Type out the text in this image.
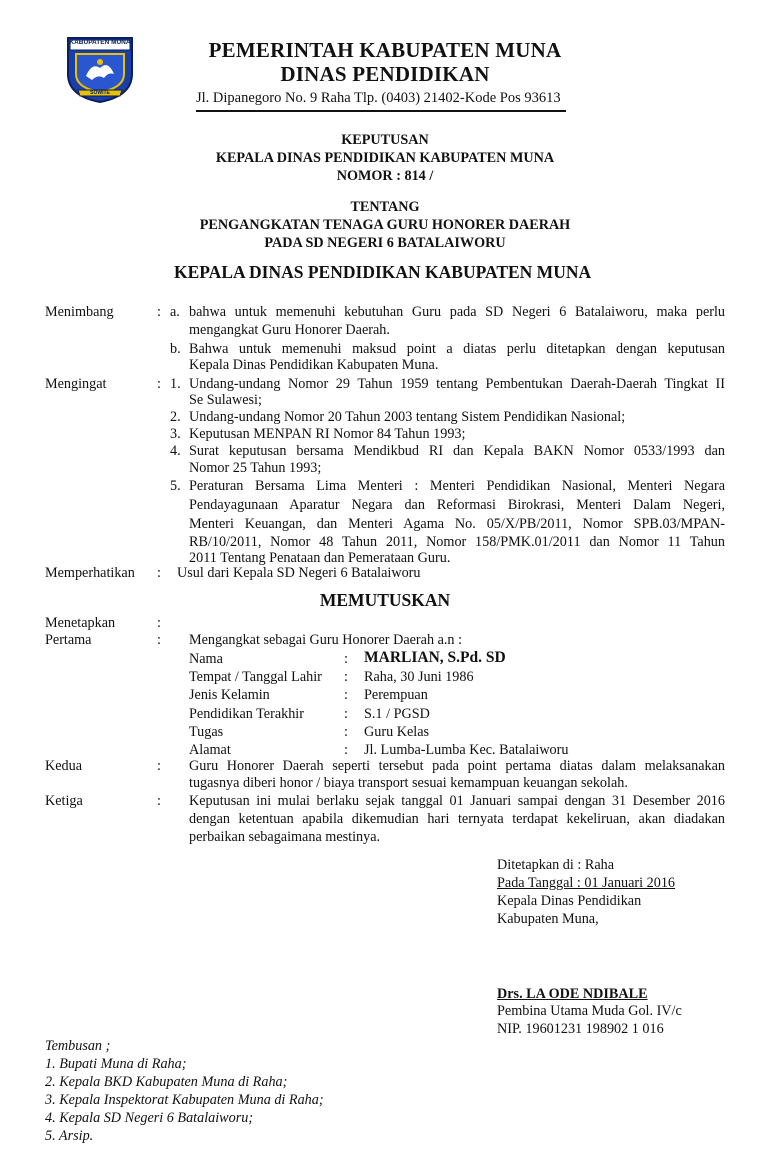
KABUPATEN MUNA
SOWITE
PEMERINTAH KABUPATEN MUNA
DINAS PENDIDIKAN
Jl. Dipanegoro No. 9 Raha Tlp. (0403) 21402-Kode Pos 93613
KEPUTUSAN
KEPALA DINAS PENDIDIKAN KABUPATEN MUNA
NOMOR : 814 /
TENTANG
PENGANGKATAN TENAGA GURU HONORER DAERAH
PADA SD NEGERI 6 BATALAIWORU
KEPALA DINAS PENDIDIKAN KABUPATEN MUNA
Menimbang	: a. bahwa untuk memenuhi kebutuhan Guru pada SD Negeri 6 Batalaiworu, maka perlu
mengangkat Guru Honorer Daerah.
b. Bahwa untuk memenuhi maksud point a diatas perlu ditetapkan dengan keputusan
Kepala Dinas Pendidikan Kabupaten Muna.
Mengingat	: 1. Undang-undang Nomor 29 Tahun 1959 tentang Pembentukan Daerah-Daerah Tingkat II
Se Sulawesi;
2. Undang-undang Nomor 20 Tahun 2003 tentang Sistem Pendidikan Nasional;
3. Keputusan MENPAN RI Nomor 84 Tahun 1993;
4. Surat keputusan bersama Mendikbud RI dan Kepala BAKN Nomor 0533/1993 dan
Nomor 25 Tahun 1993;
5. Peraturan Bersama Lima Menteri : Menteri Pendidikan Nasional, Menteri Negara
Pendayagunaan Aparatur Negara dan Reformasi Birokrasi, Menteri Dalam Negeri,
Menteri Keuangan, dan Menteri Agama No. 05/X/PB/2011, Nomor SPB.03/MPAN-
RB/10/2011, Nomor 48 Tahun 2011, Nomor 158/PMK.01/2011 dan Nomor 11 Tahun
2011 Tentang Penataan dan Pemerataan Guru.
Memperhatikan : Usul dari Kepala SD Negeri 6 Batalaiworu
MEMUTUSKAN
Menetapkan	:
Pertama	: Mengangkat sebagai Guru Honorer Daerah a.n :
Nama	: MARLIAN, S.Pd. SD
Tempat / Tanggal Lahir : Raha, 30 Juni 1986
Jenis Kelamin	: Perempuan
Pendidikan Terakhir	: S.1 / PGSD
Tugas	: Guru Kelas
Alamat	: Jl. Lumba-Lumba Kec. Batalaiworu
Kedua	: Guru Honorer Daerah seperti tersebut pada point pertama diatas dalam melaksanakan
tugasnya diberi honor / biaya transport sesuai kemampuan keuangan sekolah.
Ketiga	: Keputusan ini mulai berlaku sejak tanggal 01 Januari sampai dengan 31 Desember 2016
dengan ketentuan apabila dikemudian hari ternyata terdapat kekeliruan, akan diadakan
perbaikan sebagaimana mestinya.
Ditetapkan di : Raha
Pada Tanggal : 01 Januari 2016
Kepala Dinas Pendidikan
Kabupaten Muna,
Drs. LA ODE NDIBALE
Pembina Utama Muda Gol. IV/c
NIP. 19601231 198902 1 016
Tembusan ;
1. Bupati Muna di Raha;
2. Kepala BKD Kabupaten Muna di Raha;
3. Kepala Inspektorat Kabupaten Muna di Raha;
4. Kepala SD Negeri 6 Batalaiworu;
5. Arsip.
